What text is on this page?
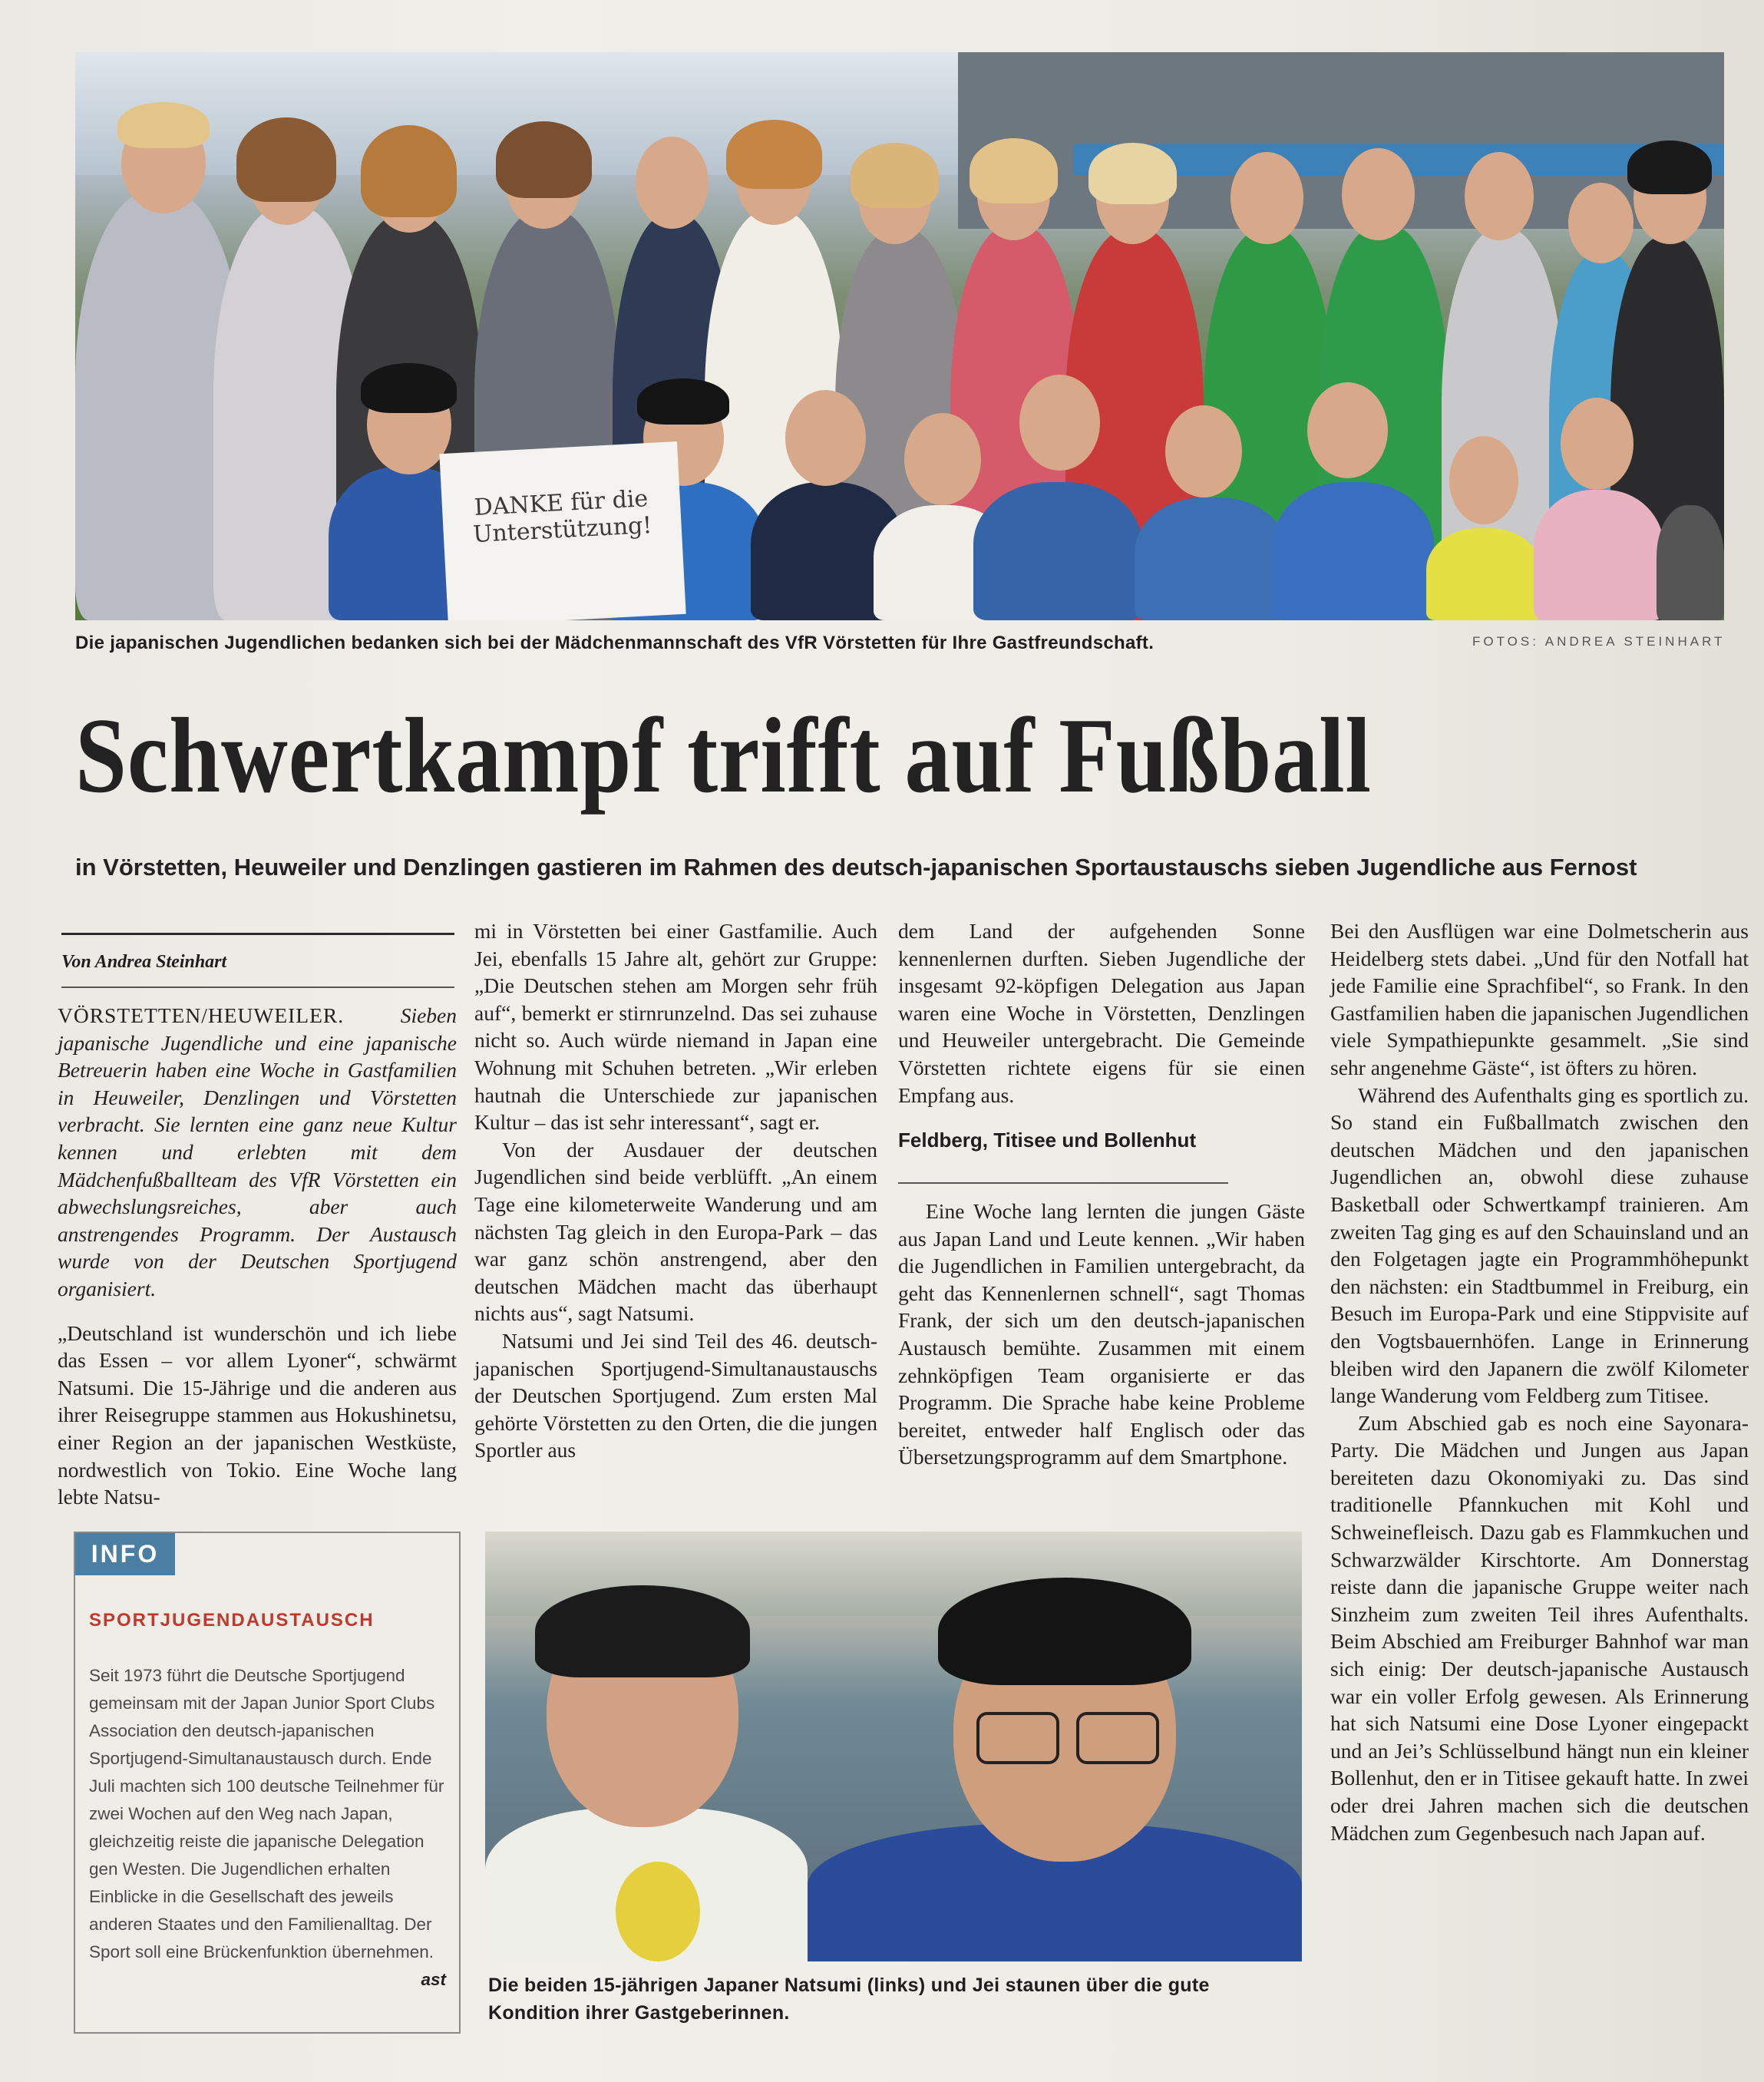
DANKE für die Unterstützung!
Die japanischen Jugendlichen bedanken sich bei der Mädchenmannschaft des VfR Vörstetten für Ihre Gastfreundschaft.	FOTOS: ANDREA STEINHART
Schwertkampf trifft auf Fußball
in Vörstetten, Heuweiler und Denzlingen gastieren im Rahmen des deutsch-japanischen Sportaustauschs sieben Jugendliche aus Fernost
Von Andrea Steinhart

VÖRSTETTEN/HEUWEILER.	Sieben japanische Jugendliche und eine japanische Betreuerin haben eine Woche in Gastfamilien in Heuweiler, Denzlingen und Vörstetten verbracht. Sie lernten eine ganz neue Kultur kennen und erlebten mit dem Mädchenfußballteam des VfR Vörstetten ein abwechslungsreiches, aber auch anstrengendes Programm. Der Austausch wurde von der Deutschen Sportjugend organisiert.

„Deutschland ist wunderschön und ich liebe das Essen – vor allem Lyoner“, schwärmt Natsumi. Die 15-Jährige und die anderen aus ihrer Reisegruppe stammen aus Hokushinetsu, einer Region an der japanischen Westküste, nordwestlich von Tokio. Eine Woche lang lebte Natsu-

mi in Vörstetten bei einer Gastfamilie. Auch Jei, ebenfalls 15 Jahre alt, gehört zur Gruppe: „Die Deutschen stehen am Morgen sehr früh auf“, bemerkt er stirnrunzelnd. Das sei zuhause nicht so. Auch würde niemand in Japan eine Wohnung mit Schuhen betreten. „Wir erleben hautnah die Unterschiede zur japanischen Kultur – das ist sehr interessant“, sagt er.

Von der Ausdauer der deutschen Jugendlichen sind beide verblüfft. „An einem Tage eine kilometerweite Wanderung und am nächsten Tag gleich in den Europa-Park – das war ganz schön anstrengend, aber den deutschen Mädchen macht das überhaupt nichts aus“, sagt Natsumi.

Natsumi und Jei sind Teil des 46. deutsch-japanischen Sportjugend-Simultanaustauschs der Deutschen Sportjugend. Zum ersten Mal gehörte Vörstetten zu den Orten, die die jungen Sportler aus

dem Land der aufgehenden Sonne kennenlernen durften. Sieben Jugendliche der insgesamt 92-köpfigen Delegation aus Japan waren eine Woche in Vörstetten, Denzlingen und Heuweiler untergebracht. Die Gemeinde Vörstetten richtete eigens für sie einen Empfang aus.

Feldberg, Titisee und Bollenhut

Eine Woche lang lernten die jungen Gäste aus Japan Land und Leute kennen. „Wir haben die Jugendlichen in Familien untergebracht, da geht das Kennenlernen schnell“, sagt Thomas Frank, der sich um den deutsch-japanischen Austausch bemühte. Zusammen mit einem zehnköpfigen Team organisierte er das Programm. Die Sprache habe keine Probleme bereitet, entweder half Englisch oder das Übersetzungsprogramm auf dem Smartphone.

Bei den Ausflügen war eine Dolmetscherin aus Heidelberg stets dabei. „Und für den Notfall hat jede Familie eine Sprachfibel“, so Frank. In den Gastfamilien haben die japanischen Jugendlichen viele Sympathiepunkte gesammelt. „Sie sind sehr angenehme Gäste“, ist öfters zu hören.

Während des Aufenthalts ging es sportlich zu. So stand ein Fußballmatch zwischen den deutschen Mädchen und den japanischen Jugendlichen an, obwohl diese zuhause Basketball oder Schwertkampf trainieren. Am zweiten Tag ging es auf den Schauinsland und an den Folgetagen jagte ein Programmhöhepunkt den nächsten: ein Stadtbummel in Freiburg, ein Besuch im Europa-Park und eine Stippvisite auf den Vogtsbauernhöfen. Lange in Erinnerung bleiben wird den Japanern die zwölf Kilometer lange Wanderung vom Feldberg zum Titisee.

Zum Abschied gab es noch eine Sayonara-Party. Die Mädchen und Jungen aus Japan bereiteten dazu Okonomiyaki zu. Das sind traditionelle Pfannkuchen mit Kohl und Schweinefleisch. Dazu gab es Flammkuchen und Schwarzwälder Kirschtorte. Am Donnerstag reiste dann die japanische Gruppe weiter nach Sinzheim zum zweiten Teil ihres Aufenthalts. Beim Abschied am Freiburger Bahnhof war man sich einig: Der deutsch-japanische Austausch war ein voller Erfolg gewesen. Als Erinnerung hat sich Natsumi eine Dose Lyoner eingepackt und an Jei’s Schlüsselbund hängt nun ein kleiner Bollenhut, den er in Titisee gekauft hatte. In zwei oder drei Jahren machen sich die deutschen Mädchen zum Gegenbesuch nach Japan auf.

INFO
SPORTJUGENDAUSTAUSCH
Seit 1973 führt die Deutsche Sportjugend gemeinsam mit der Japan Junior Sport Clubs Association den deutsch-japanischen Sportjugend-Simultanaustausch durch. Ende Juli machten sich 100 deutsche Teilnehmer für zwei Wochen auf den Weg nach Japan, gleichzeitig reiste die japanische Delegation gen Westen. Die Jugendlichen erhalten Einblicke in die Gesellschaft des jeweils anderen Staates und den Familienalltag. Der Sport soll eine Brückenfunktion übernehmen.
ast Die beiden 15-jährigen Japaner Natsumi (links) und Jei staunen über die gute Kondition ihrer Gastgeberinnen.
